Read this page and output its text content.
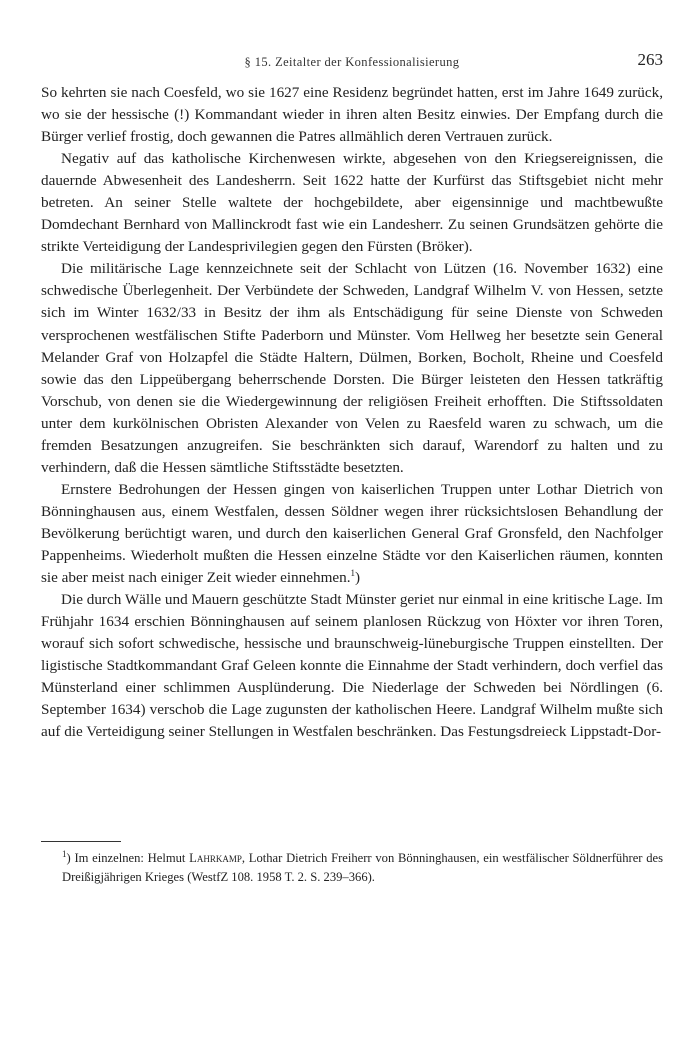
§ 15. Zeitalter der Konfessionalisierung	263

So kehrten sie nach Coesfeld, wo sie 1627 eine Residenz begründet hatten, erst im Jahre 1649 zurück, wo sie der hessische (!) Kommandant wieder in ihren alten Besitz einwies. Der Empfang durch die Bürger verlief frostig, doch gewannen die Patres allmählich deren Vertrauen zurück.

Negativ auf das katholische Kirchenwesen wirkte, abgesehen von den Kriegsereignissen, die dauernde Abwesenheit des Landesherrn. Seit 1622 hatte der Kurfürst das Stiftsgebiet nicht mehr betreten. An seiner Stelle waltete der hochgebildete, aber eigensinnige und machtbewußte Domdechant Bernhard von Mallinckrodt fast wie ein Landesherr. Zu seinen Grundsätzen gehörte die strikte Verteidigung der Landesprivilegien gegen den Fürsten (Bröker).

Die militärische Lage kennzeichnete seit der Schlacht von Lützen (16. November 1632) eine schwedische Überlegenheit. Der Verbündete der Schweden, Landgraf Wilhelm V. von Hessen, setzte sich im Winter 1632/33 in Besitz der ihm als Entschädigung für seine Dienste von Schweden versprochenen westfälischen Stifte Paderborn und Münster. Vom Hellweg her besetzte sein General Melander Graf von Holzapfel die Städte Haltern, Dülmen, Borken, Bocholt, Rheine und Coesfeld sowie das den Lippeübergang beherrschende Dorsten. Die Bürger leisteten den Hessen tatkräftig Vorschub, von denen sie die Wiedergewinnung der religiösen Freiheit erhofften. Die Stiftssoldaten unter dem kurkölnischen Obristen Alexander von Velen zu Raesfeld waren zu schwach, um die fremden Besatzungen anzugreifen. Sie beschränkten sich darauf, Warendorf zu halten und zu verhindern, daß die Hessen sämtliche Stiftsstädte besetzten.

Ernstere Bedrohungen der Hessen gingen von kaiserlichen Truppen unter Lothar Dietrich von Bönninghausen aus, einem Westfalen, dessen Söldner wegen ihrer rücksichtslosen Behandlung der Bevölkerung berüchtigt waren, und durch den kaiserlichen General Graf Gronsfeld, den Nachfolger Pappenheims. Wiederholt mußten die Hessen einzelne Städte vor den Kaiserlichen räumen, konnten sie aber meist nach einiger Zeit wieder einnehmen.$^1$)

Die durch Wälle und Mauern geschützte Stadt Münster geriet nur einmal in eine kritische Lage. Im Frühjahr 1634 erschien Bönninghausen auf seinem planlosen Rückzug von Höxter vor ihren Toren, worauf sich sofort schwedische, hessische und braunschweig-lüneburgische Truppen einstellten. Der ligistische Stadtkommandant Graf Geleen konnte die Einnahme der Stadt verhindern, doch verfiel das Münsterland einer schlimmen Ausplünderung. Die Niederlage der Schweden bei Nördlingen (6. September 1634) verschob die Lage zugunsten der katholischen Heere. Landgraf Wilhelm mußte sich auf die Verteidigung seiner Stellungen in Westfalen beschränken. Das Festungsdreieck Lippstadt-Dor-

$^1$) Im einzelnen: Helmut Lahrkamp, Lothar Dietrich Freiherr von Bönninghausen, ein westfälischer Söldnerführer des Dreißigjährigen Krieges (WestfZ 108. 1958 T. 2. S. 239–366).
